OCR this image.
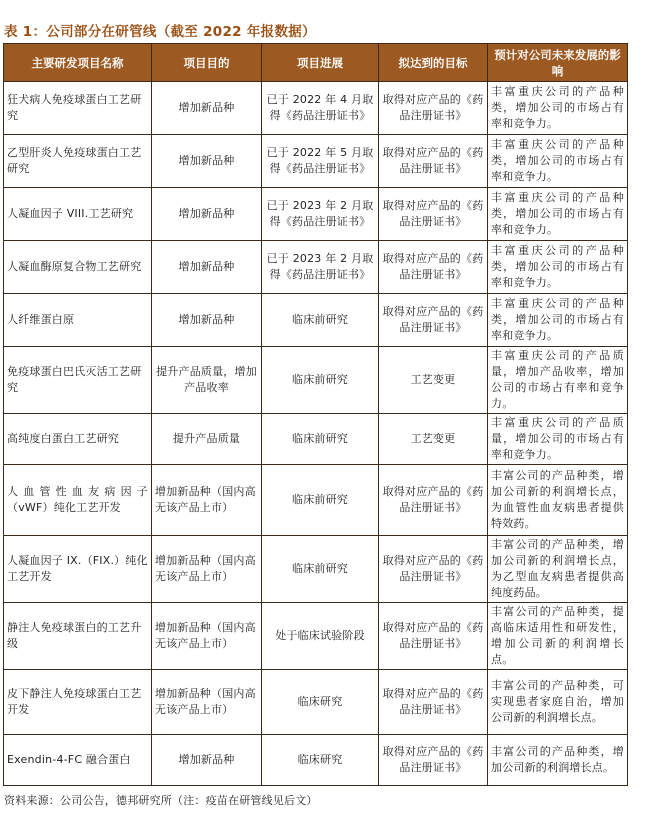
表 1：公司部分在研管线（截至 2022 年报数据）
主要研发项目名称	项目目的	项目进展	拟达到的目标	预计对公司未来发展的影响
狂犬病人免疫球蛋白工艺研究	增加新品种	已于 2022 年 4 月取得《药品注册证书》	取得对应产品的《药品注册证书》	丰富重庆公司的产品种类，增加公司的市场占有率和竞争力。
乙型肝炎人免疫球蛋白工艺研究	增加新品种	已于 2022 年 5 月取得《药品注册证书》	取得对应产品的《药品注册证书》	丰富重庆公司的产品种类，增加公司的市场占有率和竞争力。
人凝血因子 VIII.工艺研究	增加新品种	已于 2023 年 2 月取得《药品注册证书》	取得对应产品的《药品注册证书》	丰富重庆公司的产品种类，增加公司的市场占有率和竞争力。
人凝血酶原复合物工艺研究	增加新品种	已于 2023 年 2 月取得《药品注册证书》	取得对应产品的《药品注册证书》	丰富重庆公司的产品种类，增加公司的市场占有率和竞争力。
人纤维蛋白原	增加新品种	临床前研究	取得对应产品的《药品注册证书》	丰富重庆公司的产品种类，增加公司的市场占有率和竞争力。
免疫球蛋白巴氏灭活工艺研究	提升产品质量，增加产品收率	临床前研究	工艺变更	丰富重庆公司的产品质量，增加产品收率，增加公司的市场占有率和竞争力。
高纯度白蛋白工艺研究	提升产品质量	临床前研究	工艺变更	丰富重庆公司的产品质量，增加公司的市场占有率和竞争力。
人血管性血友病因子（vWF）纯化工艺开发	增加新品种（国内高无该产品上市）	临床前研究	取得对应产品的《药品注册证书》	丰富公司的产品种类，增加公司新的利润增长点，为血管性血友病患者提供特效药。
人凝血因子 IX.（FIX.）纯化工艺开发	增加新品种（国内高无该产品上市）	临床前研究	取得对应产品的《药品注册证书》	丰富公司的产品种类，增加公司新的利润增长点，为乙型血友病患者提供高纯度药品。
静注人免疫球蛋白的工艺升级	增加新品种（国内高无该产品上市）	处于临床试验阶段	取得对应产品的《药品注册证书》	丰富公司的产品种类，提高临床适用性和研发性，增加公司新的利润增长点。
皮下静注人免疫球蛋白工艺开发	增加新品种（国内高无该产品上市）	临床研究	取得对应产品的《药品注册证书》	丰富公司的产品种类，可实现患者家庭自治，增加公司新的利润增长点。
Exendin-4-FC 融合蛋白	增加新品种	临床研究	取得对应产品的《药品注册证书》	丰富公司的产品种类，增加公司新的利润增长点。
资料来源：公司公告，德邦研究所（注：疫苗在研管线见后文）
